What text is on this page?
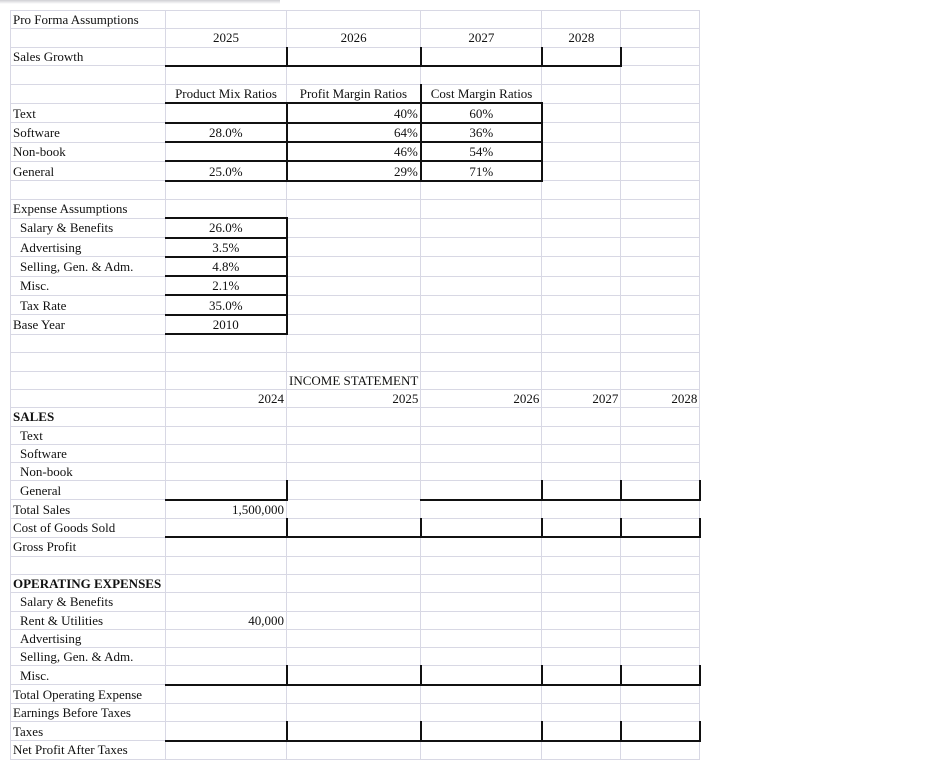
Pro Forma Assumptions					
	2025	2026	2027	2028	
Sales Growth					

	Product Mix Ratios	Profit Margin Ratios	Cost Margin Ratios		
Text		40%	60%		
Software	28.0%	64%	36%		
Non-book		46%	54%		
General	25.0%	29%	71%		

Expense Assumptions					
Salary & Benefits	26.0%				
Advertising	3.5%				
Selling, Gen. & Adm.	4.8%				
Misc.	2.1%				
Tax Rate	35.0%				
Base Year	2010				

		INCOME STATEMENT			
	2024	2025	2026	2027	2028
SALES					
Text					
Software					
Non-book					
General					
Total Sales	1,500,000				
Cost of Goods Sold					
Gross Profit					

OPERATING EXPENSES					
Salary & Benefits					
Rent & Utilities	40,000				
Advertising					
Selling, Gen. & Adm.					
Misc.					
Total Operating Expense					
Earnings Before Taxes					
Taxes					
Net Profit After Taxes					
